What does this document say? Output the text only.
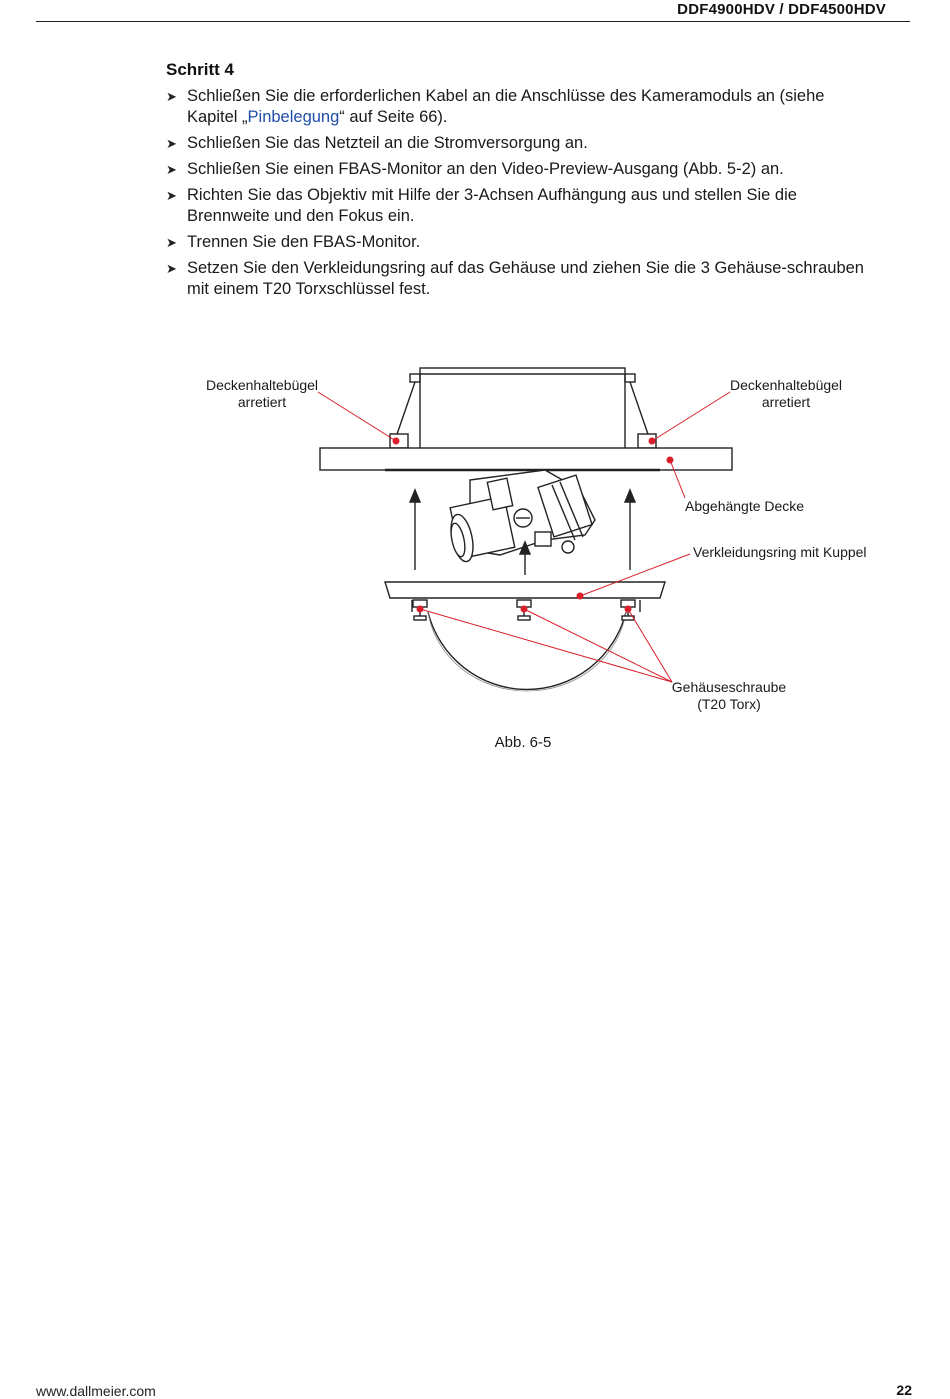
DDF4900HDV / DDF4500HDV
Schritt 4
➤ Schließen Sie die erforderlichen Kabel an die Anschlüsse des Kameramoduls an (siehe Kapitel „Pinbelegung“ auf Seite 66).
➤ Schließen Sie das Netzteil an die Stromversorgung an.
➤ Schließen Sie einen FBAS-Monitor an den Video-Preview-Ausgang (Abb. 5-2) an.
➤ Richten Sie das Objektiv mit Hilfe der 3-Achsen Aufhängung aus und stellen Sie die Brennweite und den Fokus ein.
➤ Trennen Sie den FBAS-Monitor.
➤ Setzen Sie den Verkleidungsring auf das Gehäuse und ziehen Sie die 3 Gehäuse-schrauben mit einem T20 Torxschlüssel fest.
Deckenhaltebügel
arretiert
Deckenhaltebügel
arretiert
Abgehängte Decke
Verkleidungsring mit Kuppel
Gehäuseschraube
(T20 Torx)
Abb. 6-5
www.dallmeier.com	22
